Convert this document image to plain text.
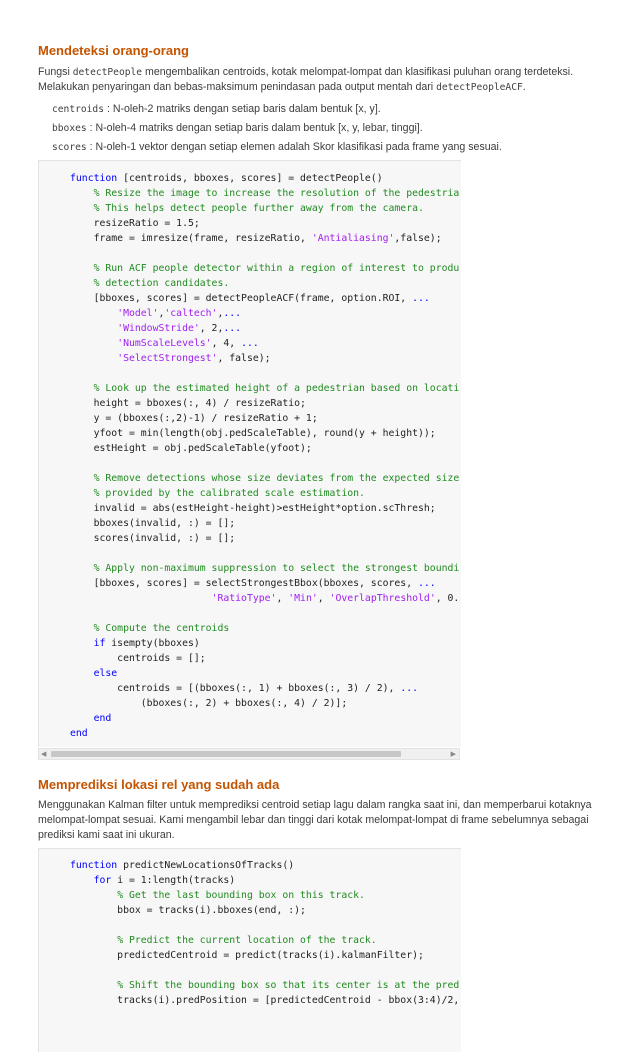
Mendeteksi orang-orang

Fungsi detectPeople mengembalikan centroids, kotak melompat-lompat dan klasifikasi puluhan orang terdeteksi. Melakukan penyaringan dan bebas-maksimum penindasan pada output mentah dari detectPeopleACF.

centroids : N-oleh-2 matriks dengan setiap baris dalam bentuk [x, y].
bboxes : N-oleh-4 matriks dengan setiap baris dalam bentuk [x, y, lebar, tinggi].
scores : N-oleh-1 vektor dengan setiap elemen adalah Skor klasifikasi pada frame yang sesuai.
function [centroids, bboxes, scores] = detectPeople()
% Resize the image to increase the resolution of the pedestria
% This helps detect people further away from the camera.
resizeRatio = 1.5;
frame = imresize(frame, resizeRatio, 'Antialiasing',false);
% Run ACF people detector within a region of interest to produ
% detection candidates.
[bboxes, scores] = detectPeopleACF(frame, option.ROI, ...
'Model','caltech',...
'WindowStride', 2,...
'NumScaleLevels', 4, ...
'SelectStrongest', false);
% Look up the estimated height of a pedestrian based on locati
height = bboxes(:, 4) / resizeRatio;
y = (bboxes(:,2)-1) / resizeRatio + 1;
yfoot = min(length(obj.pedScaleTable), round(y + height));
estHeight = obj.pedScaleTable(yfoot);
% Remove detections whose size deviates from the expected size
% provided by the calibrated scale estimation.
invalid = abs(estHeight-height)>estHeight*option.scThresh;
bboxes(invalid, :) = [];
scores(invalid, :) = [];
% Apply non-maximum suppression to select the strongest boundi
[bboxes, scores] = selectStrongestBbox(bboxes, scores, ...
'RatioType', 'Min', 'OverlapThreshold', 0.
% Compute the centroids
if isempty(bboxes)
centroids = [];
else
centroids = [(bboxes(:, 1) + bboxes(:, 3) / 2), ...
(bboxes(:, 2) + bboxes(:, 4) / 2)];
end
end
◀	▶
Memprediksi lokasi rel yang sudah ada

Menggunakan Kalman filter untuk memprediksi centroid setiap lagu dalam rangka saat ini, dan memperbarui kotaknya melompat-lompat sesuai. Kami mengambil lebar dan tinggi dari kotak melompat-lompat di frame sebelumnya sebagai prediksi kami saat ini ukuran.

function predictNewLocationsOfTracks()
for i = 1:length(tracks)
% Get the last bounding box on this track.
bbox = tracks(i).bboxes(end, :);
% Predict the current location of the track.
predictedCentroid = predict(tracks(i).kalmanFilter);
% Shift the bounding box so that its center is at the pred
tracks(i).predPosition = [predictedCentroid - bbox(3:4)/2,
